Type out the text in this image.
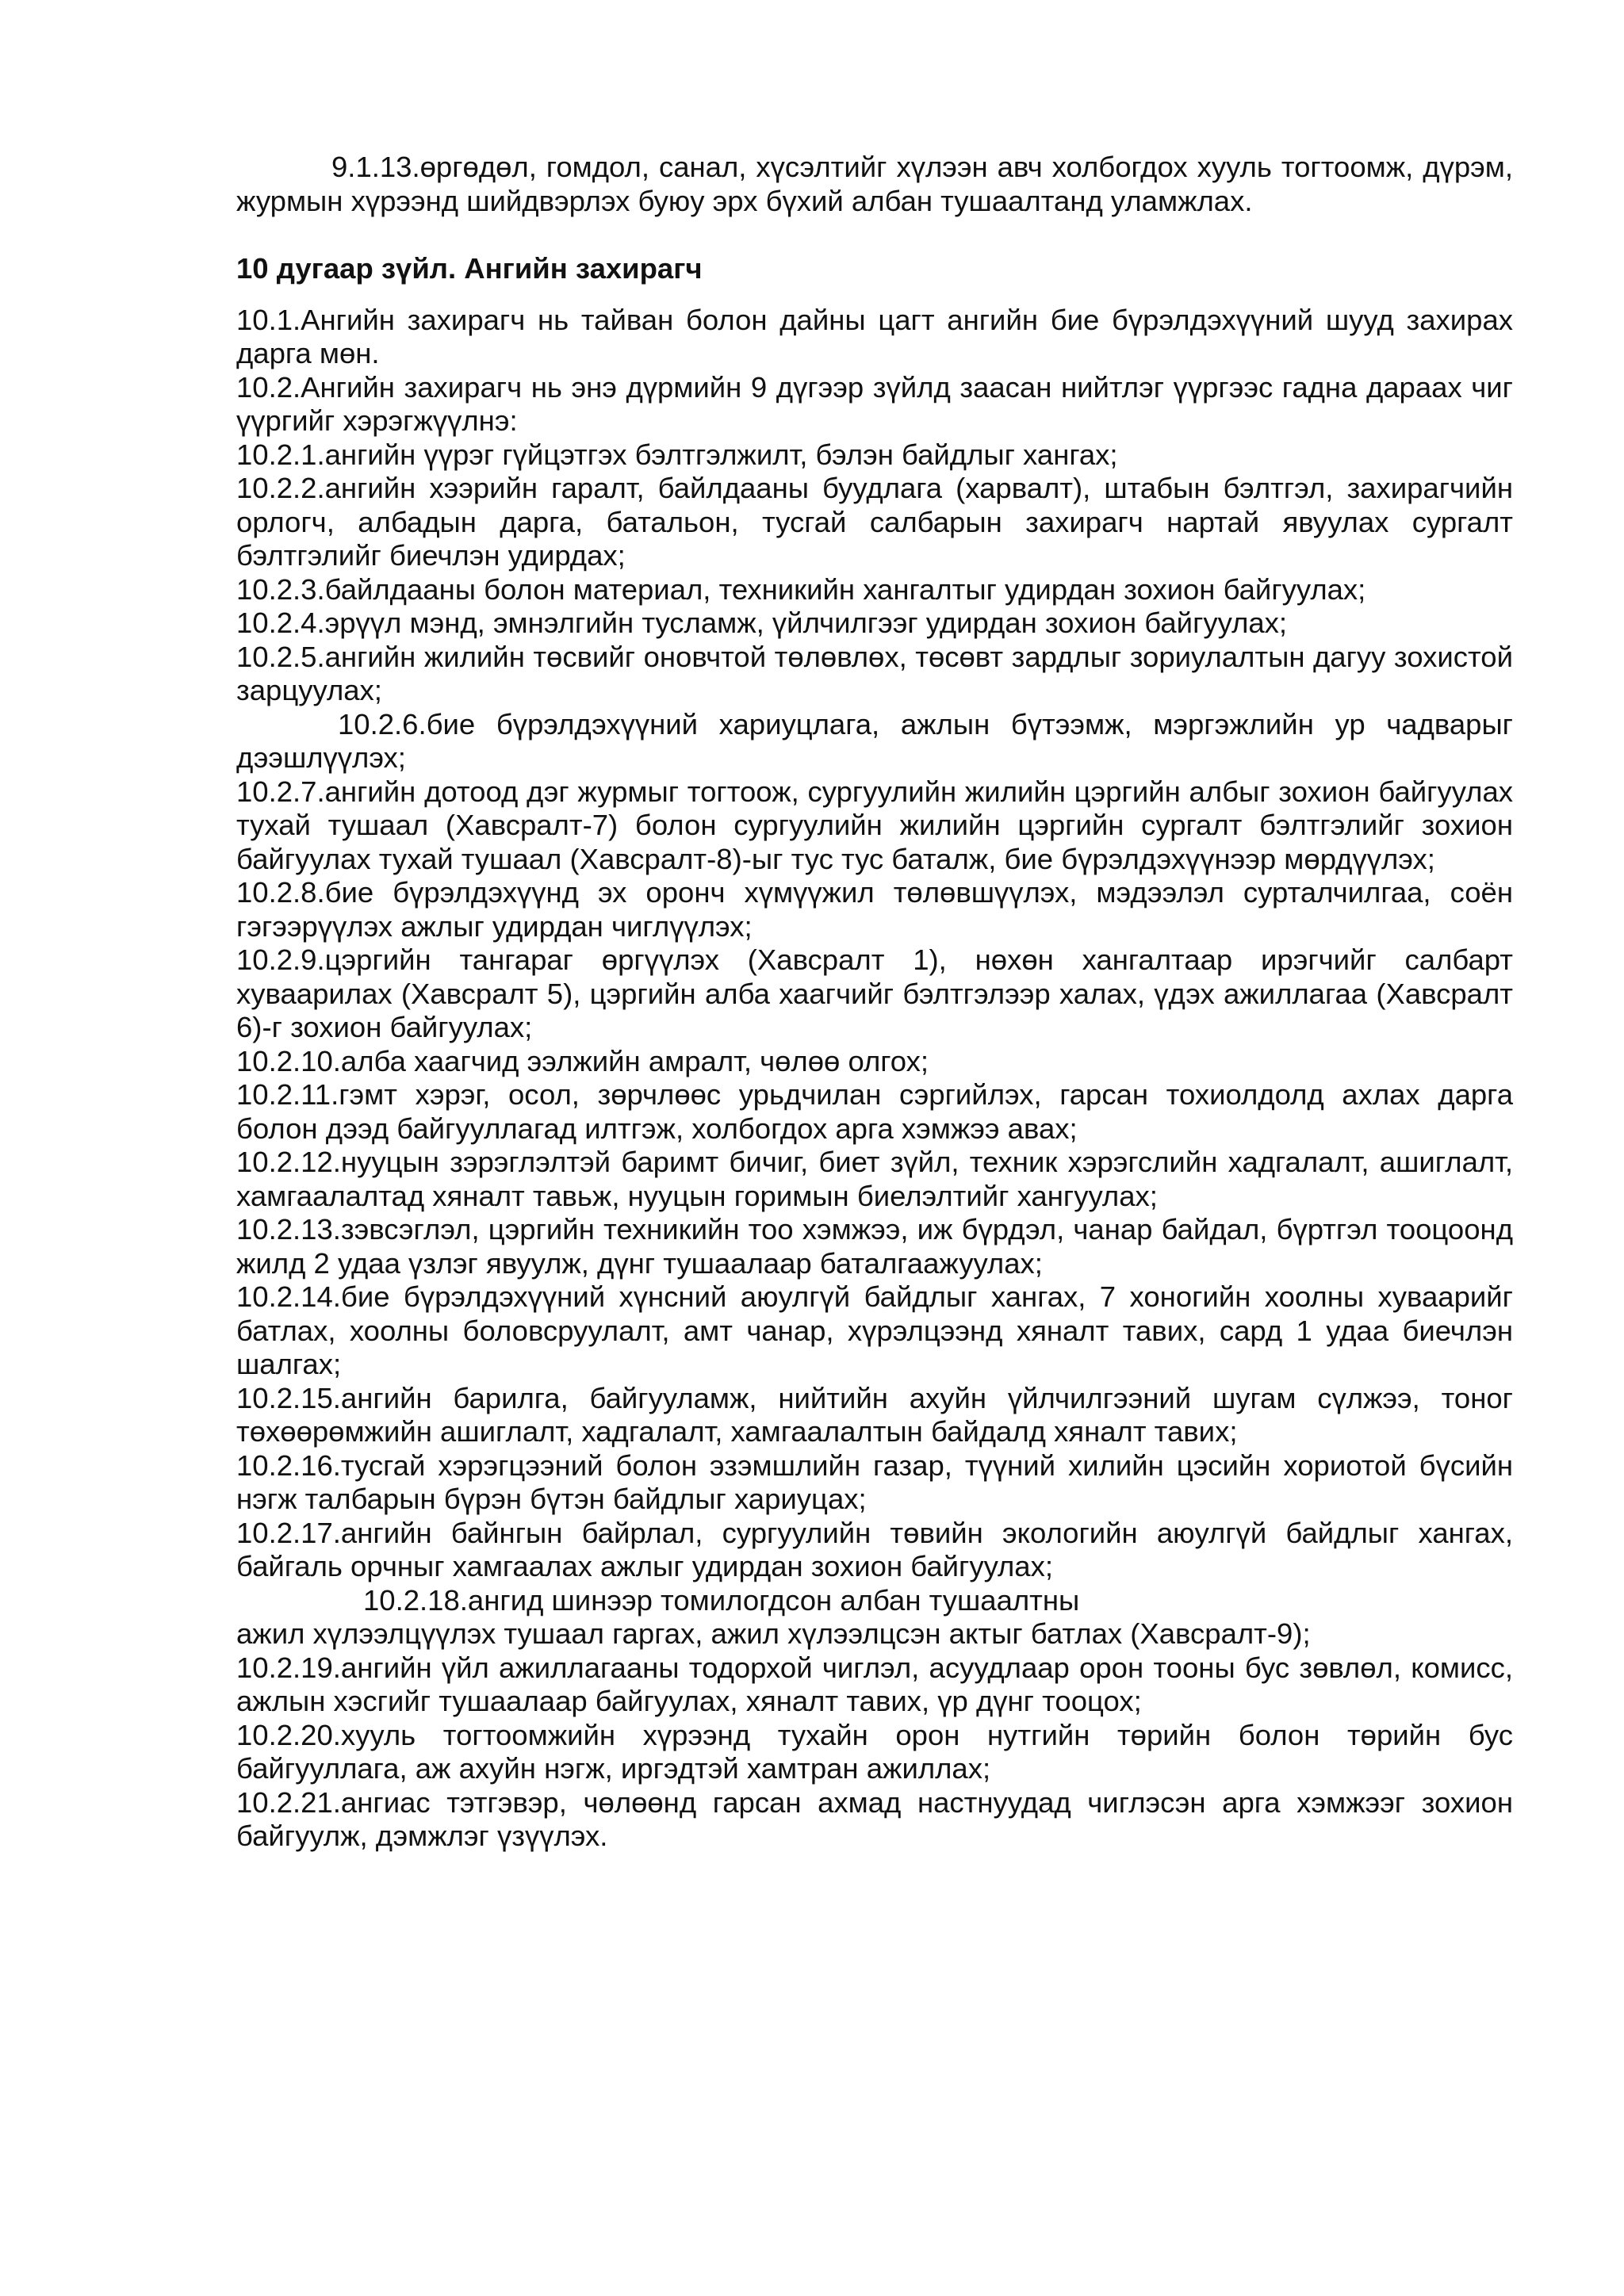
9.1.13.өргөдөл, гомдол, санал, хүсэлтийг хүлээн авч холбогдох хууль тогтоомж, дүрэм, журмын хүрээнд шийдвэрлэх буюу эрх бүхий албан тушаалтанд уламжлах.

10 дугаар зүйл. Ангийн захирагч

10.1.Ангийн захирагч нь тайван болон дайны цагт ангийн бие бүрэлдэхүүний шууд захирах дарга мөн.

10.2.Ангийн захирагч нь энэ дүрмийн 9 дүгээр зүйлд заасан нийтлэг үүргээс гадна дараах чиг үүргийг хэрэгжүүлнэ:

10.2.1.ангийн үүрэг гүйцэтгэх бэлтгэлжилт, бэлэн байдлыг хангах;

10.2.2.ангийн хээрийн гаралт, байлдааны буудлага (харвалт), штабын бэлтгэл, захирагчийн орлогч, албадын дарга, батальон, тусгай салбарын захирагч нартай явуулах сургалт бэлтгэлийг биечлэн удирдах;

10.2.3.байлдааны болон материал, техникийн хангалтыг удирдан зохион байгуулах;

10.2.4.эрүүл мэнд, эмнэлгийн тусламж, үйлчилгээг удирдан зохион байгуулах;

10.2.5.ангийн жилийн төсвийг оновчтой төлөвлөх, төсөвт зардлыг зориулалтын дагуу зохистой зарцуулах;

10.2.6.бие бүрэлдэхүүний хариуцлага, ажлын бүтээмж, мэргэжлийн ур чадварыг дээшлүүлэх;

10.2.7.ангийн дотоод дэг журмыг тогтоож, сургуулийн жилийн цэргийн албыг зохион байгуулах тухай тушаал (Хавсралт-7) болон сургуулийн жилийн цэргийн сургалт бэлтгэлийг зохион байгуулах тухай тушаал (Хавсралт-8)-ыг тус тус баталж, бие бүрэлдэхүүнээр мөрдүүлэх;

10.2.8.бие бүрэлдэхүүнд эх оронч хүмүүжил төлөвшүүлэх, мэдээлэл сурталчилгаа, соён гэгээрүүлэх ажлыг удирдан чиглүүлэх;

10.2.9.цэргийн тангараг өргүүлэх (Хавсралт 1), нөхөн хангалтаар ирэгчийг салбарт хуваарилах (Хавсралт 5), цэргийн алба хаагчийг бэлтгэлээр халах, үдэх ажиллагаа (Хавсралт 6)-г зохион байгуулах;

10.2.10.алба хаагчид ээлжийн амралт, чөлөө олгох;

10.2.11.гэмт хэрэг, осол, зөрчлөөс урьдчилан сэргийлэх, гарсан тохиолдолд ахлах дарга болон дээд байгууллагад илтгэж, холбогдох арга хэмжээ авах;

10.2.12.нууцын зэрэглэлтэй баримт бичиг, биет зүйл, техник хэрэгслийн хадгалалт, ашиглалт, хамгаалалтад хяналт тавьж, нууцын горимын биелэлтийг хангуулах;

10.2.13.зэвсэглэл, цэргийн техникийн тоо хэмжээ, иж бүрдэл, чанар байдал, бүртгэл тооцоонд жилд 2 удаа үзлэг явуулж, дүнг тушаалаар баталгаажуулах;

10.2.14.бие бүрэлдэхүүний хүнсний аюулгүй байдлыг хангах, 7 хоногийн хоолны хуваарийг батлах, хоолны боловсруулалт, амт чанар, хүрэлцээнд хяналт тавих, сард 1 удаа биечлэн шалгах;

10.2.15.ангийн барилга, байгууламж, нийтийн ахуйн үйлчилгээний шугам сүлжээ, тоног төхөөрөмжийн ашиглалт, хадгалалт, хамгаалалтын байдалд хяналт тавих;

10.2.16.тусгай хэрэгцээний болон эзэмшлийн газар, түүний хилийн цэсийн хориотой бүсийн нэгж талбарын бүрэн бүтэн байдлыг хариуцах;

10.2.17.ангийн байнгын байрлал, сургуулийн төвийн экологийн аюулгүй байдлыг хангах, байгаль орчныг хамгаалах ажлыг удирдан зохион байгуулах;

10.2.18.ангид шинээр томилогдсон албан тушаалтны

ажил хүлээлцүүлэх тушаал гаргах, ажил хүлээлцсэн актыг батлах (Хавсралт-9);

10.2.19.ангийн үйл ажиллагааны тодорхой чиглэл, асуудлаар орон тооны бус зөвлөл, комисс, ажлын хэсгийг тушаалаар байгуулах, хяналт тавих, үр дүнг тооцох;

10.2.20.хууль тогтоомжийн хүрээнд тухайн орон нутгийн төрийн болон төрийн бус байгууллага, аж ахуйн нэгж, иргэдтэй хамтран ажиллах;

10.2.21.ангиас тэтгэвэр, чөлөөнд гарсан ахмад настнуудад чиглэсэн арга хэмжээг зохион байгуулж, дэмжлэг үзүүлэх.
